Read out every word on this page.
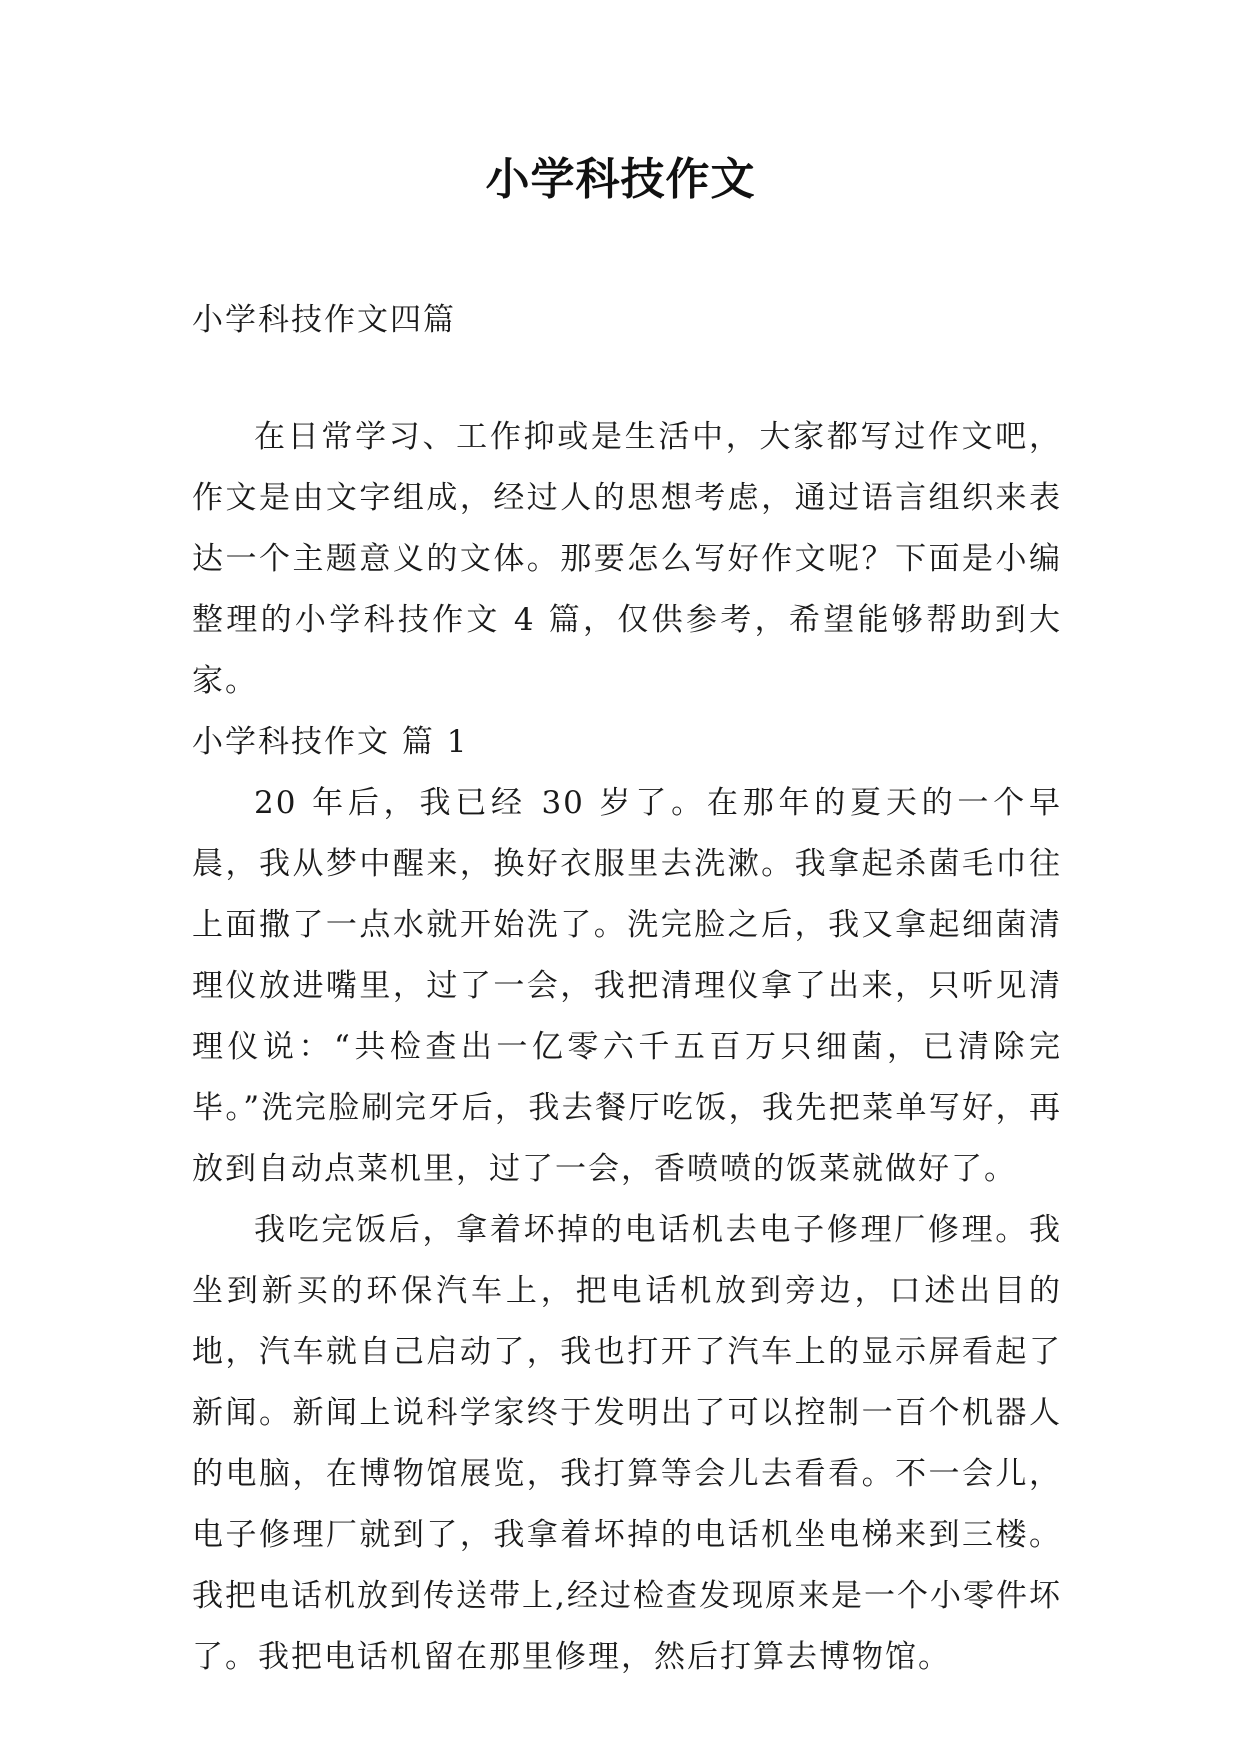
小学科技作文

小学科技作文四篇

在日常学习、工作抑或是生活中，大家都写过作文吧，作文是由文字组成，经过人的思想考虑，通过语言组织来表达一个主题意义的文体。那要怎么写好作文呢？下面是小编整理的小学科技作文 4 篇，仅供参考，希望能够帮助到大家。

小学科技作文 篇 1

20 年后，我已经 30 岁了。在那年的夏天的一个早晨，我从梦中醒来，换好衣服里去洗漱。我拿起杀菌毛巾往上面撒了一点水就开始洗了。洗完脸之后，我又拿起细菌清理仪放进嘴里，过了一会，我把清理仪拿了出来，只听见清理仪说：“共检查出一亿零六千五百万只细菌，已清除完毕。”洗完脸刷完牙后，我去餐厅吃饭，我先把菜单写好，再放到自动点菜机里，过了一会，香喷喷的饭菜就做好了。

我吃完饭后，拿着坏掉的电话机去电子修理厂修理。我坐到新买的环保汽车上，把电话机放到旁边，口述出目的地，汽车就自己启动了，我也打开了汽车上的显示屏看起了新闻。新闻上说科学家终于发明出了可以控制一百个机器人的电脑，在博物馆展览，我打算等会儿去看看。不一会儿，电子修理厂就到了，我拿着坏掉的电话机坐电梯来到三楼。我把电话机放到传送带上,经过检查发现原来是一个小零件坏了。我把电话机留在那里修理，然后打算去博物馆。
